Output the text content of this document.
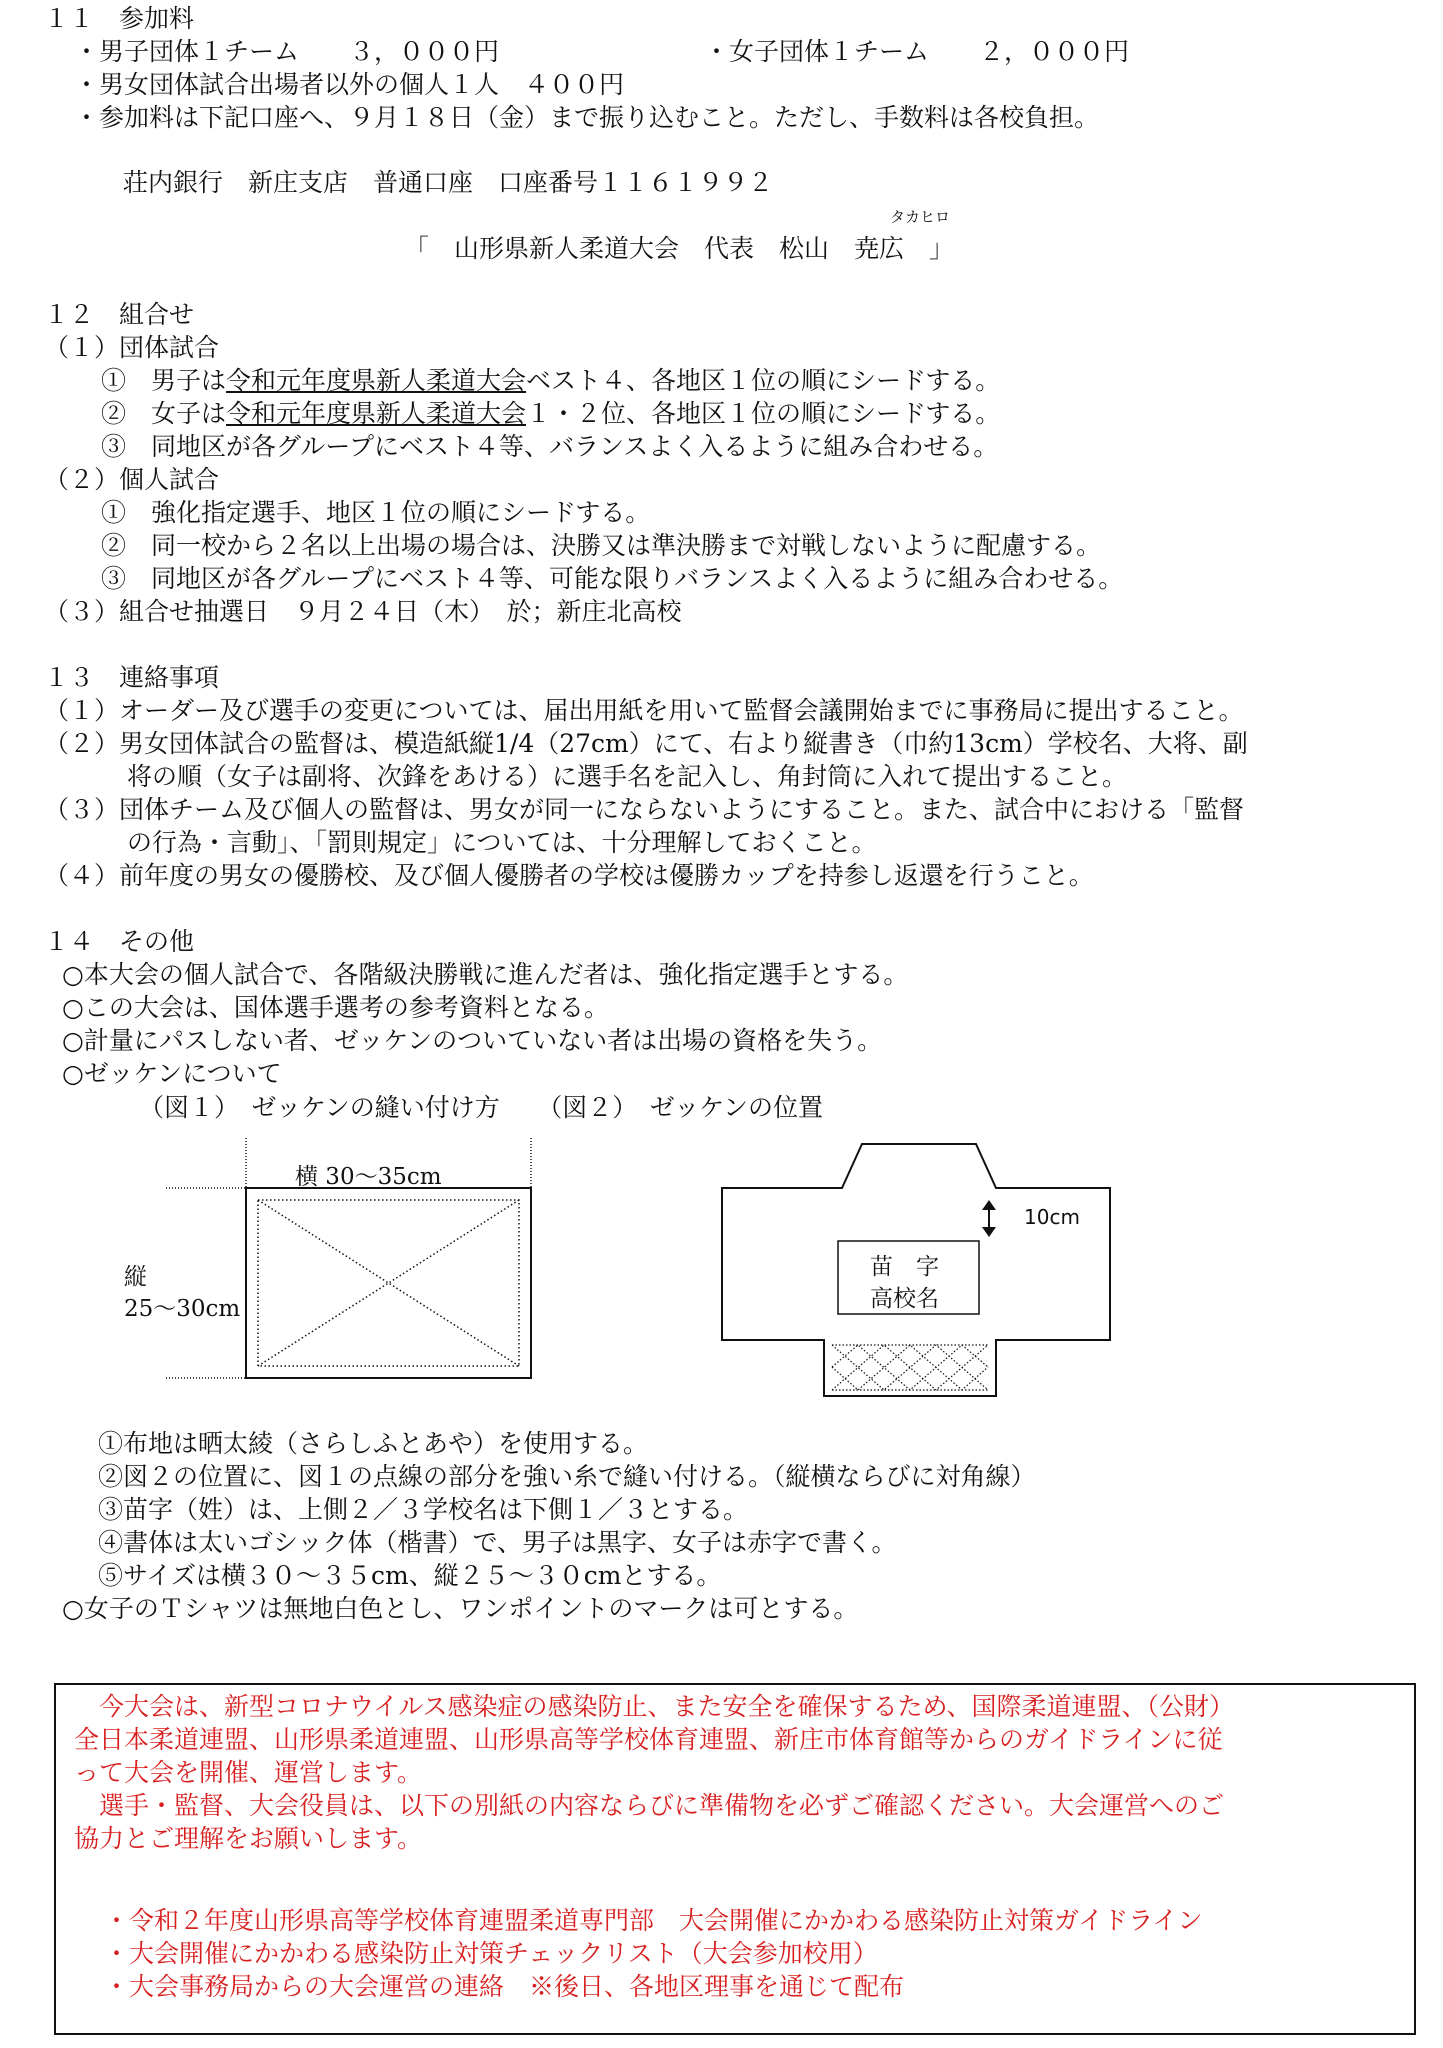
１１　参加料
・男子団体１チーム　　３，０００円	・女子団体１チーム　　２，０００円
・男女団体試合出場者以外の個人１人　４００円
・参加料は下記口座へ、９月１８日（金）まで振り込むこと。ただし、手数料は各校負担。
荘内銀行　新庄支店　普通口座　口座番号１１６１９９２
タカヒロ
「　山形県新人柔道大会　代表　松山　尭広　」
１２　組合せ
（１）団体試合
①　男子は令和元年度県新人柔道大会ベスト４、各地区１位の順にシードする。
②　女子は令和元年度県新人柔道大会１・２位、各地区１位の順にシードする。
③　同地区が各グループにベスト４等、バランスよく入るように組み合わせる。
（２）個人試合
①　強化指定選手、地区１位の順にシードする。
②　同一校から２名以上出場の場合は、決勝又は準決勝まで対戦しないように配慮する。
③　同地区が各グループにベスト４等、可能な限りバランスよく入るように組み合わせる。
（３）組合せ抽選日　９月２４日（木）　於；新庄北高校
１３　連絡事項
（１）オーダー及び選手の変更については、届出用紙を用いて監督会議開始までに事務局に提出すること。
（２）男女団体試合の監督は、模造紙縦1/4（27cm）にて、右より縦書き（巾約13cm）学校名、大将、副
将の順（女子は副将、次鋒をあける）に選手名を記入し、角封筒に入れて提出すること。
（３）団体チーム及び個人の監督は、男女が同一にならないようにすること。また、試合中における「監督
の行為・言動」、「罰則規定」については、十分理解しておくこと。
（４）前年度の男女の優勝校、及び個人優勝者の学校は優勝カップを持参し返還を行うこと。
１４　その他
○本大会の個人試合で、各階級決勝戦に進んだ者は、強化指定選手とする。
○この大会は、国体選手選考の参考資料となる。
○計量にパスしない者、ゼッケンのついていない者は出場の資格を失う。
○ゼッケンについて
（図１）　ゼッケンの縫い付け方　　（図２）　ゼッケンの位置
横 30～35cm
縦
25～30cm
10cm
苗　字
高校名
①布地は晒太綾（さらしふとあや）を使用する。
②図２の位置に、図１の点線の部分を強い糸で縫い付ける。（縦横ならびに対角線）
③苗字（姓）は、上側２／３学校名は下側１／３とする。
④書体は太いゴシック体（楷書）で、男子は黒字、女子は赤字で書く。
⑤サイズは横３０～３５cm、縦２５～３０cmとする。
○女子のＴシャツは無地白色とし、ワンポイントのマークは可とする。
　今大会は、新型コロナウイルス感染症の感染防止、また安全を確保するため、国際柔道連盟、（公財）
全日本柔道連盟、山形県柔道連盟、山形県高等学校体育連盟、新庄市体育館等からのガイドラインに従
って大会を開催、運営します。
　選手・監督、大会役員は、以下の別紙の内容ならびに準備物を必ずご確認ください。大会運営へのご
協力とご理解をお願いします。
・令和２年度山形県高等学校体育連盟柔道専門部　大会開催にかかわる感染防止対策ガイドライン
・大会開催にかかわる感染防止対策チェックリスト（大会参加校用）
・大会事務局からの大会運営の連絡　※後日、各地区理事を通じて配布
